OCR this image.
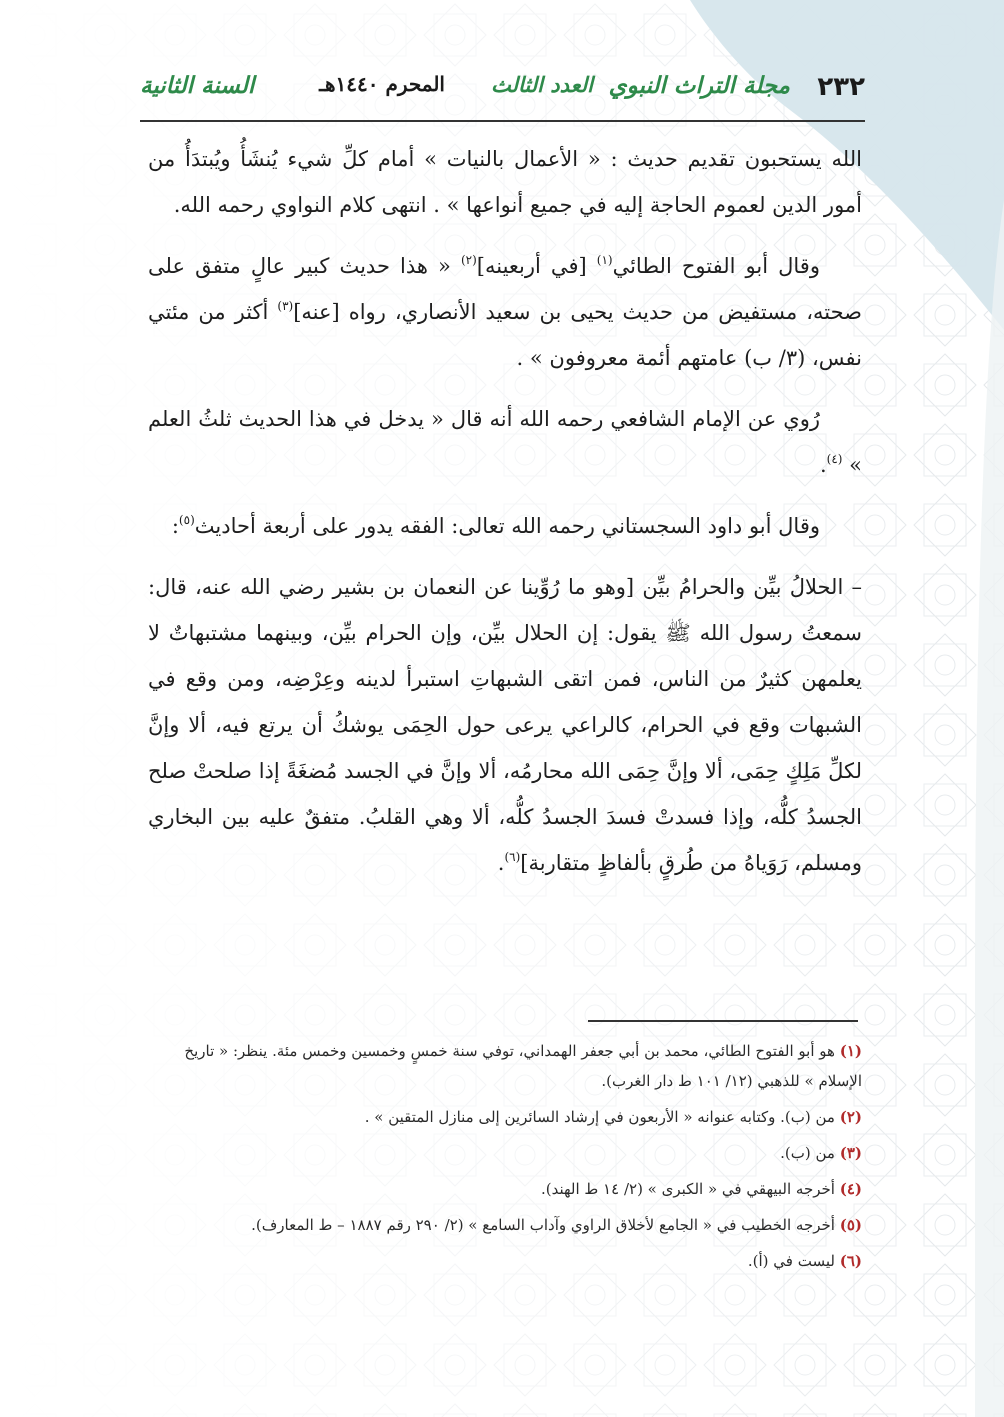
٢٣٢
مجلة التراث النبوي
العدد الثالث
المحرم ١٤٤٠هـ
السنة الثانية

الله يستحبون تقديم حديث : « الأعمال بالنيات » أمام كلِّ شيء يُنشَأُ ويُبتدَأُ من أمور الدين لعموم الحاجة إليه في جميع أنواعها » . انتهى كلام النواوي رحمه الله.

وقال أبو الفتوح الطائي$^{(١)}$ [في أربعينه]$^{(٢)}$ « هذا حديث كبير عالٍ متفق على صحته، مستفيض من حديث يحيى بن سعيد الأنصاري، رواه [عنه]$^{(٣)}$ أكثر من مئتي نفس، (٣/ ب) عامتهم أئمة معروفون » .

رُوي عن الإمام الشافعي رحمه الله أنه قال « يدخل في هذا الحديث ثلثُ العلم » $^{(٤)}$.

وقال أبو داود السجستاني رحمه الله تعالى: الفقه يدور على أربعة أحاديث$^{(٥)}$:

– الحلالُ بيِّن والحرامُ بيِّن [وهو ما رُوِّينا عن النعمان بن بشير رضي الله عنه، قال: سمعتُ رسول الله ﷺ يقول: إن الحلال بيِّن، وإن الحرام بيِّن، وبينهما مشتبهاتٌ لا يعلمهن كثيرٌ من الناس، فمن اتقى الشبهاتِ استبرأ لدينه وعِرْضِه، ومن وقع في الشبهات وقع في الحرام، كالراعي يرعى حول الحِمَى يوشكُ أن يرتع فيه، ألا وإنَّ لكلِّ مَلِكٍ حِمَى، ألا وإنَّ حِمَى الله محارمُه، ألا وإنَّ في الجسد مُضغَةً إذا صلحتْ صلح الجسدُ كلُّه، وإذا فسدتْ فسدَ الجسدُ كلُّه، ألا وهي القلبُ. متفقٌ عليه بين البخاري ومسلم، رَوَياهُ من طُرقٍ بألفاظٍ متقاربة]$^{(٦)}$.

(١) هو أبو الفتوح الطائي، محمد بن أبي جعفر الهمداني، توفي سنة خمسٍ وخمسين وخمس مئة. ينظر: « تاريخ الإسلام » للذهبي (١٢/ ١٠١ ط دار الغرب).

(٢) من (ب). وكتابه عنوانه « الأربعون في إرشاد السائرين إلى منازل المتقين » .

(٣) من (ب).

(٤) أخرجه البيهقي في « الكبرى » (٢/ ١٤ ط الهند).

(٥) أخرجه الخطيب في « الجامع لأخلاق الراوي وآداب السامع » (٢/ ٢٩٠ رقم ١٨٨٧ – ط المعارف).

(٦) ليست في (أ).
